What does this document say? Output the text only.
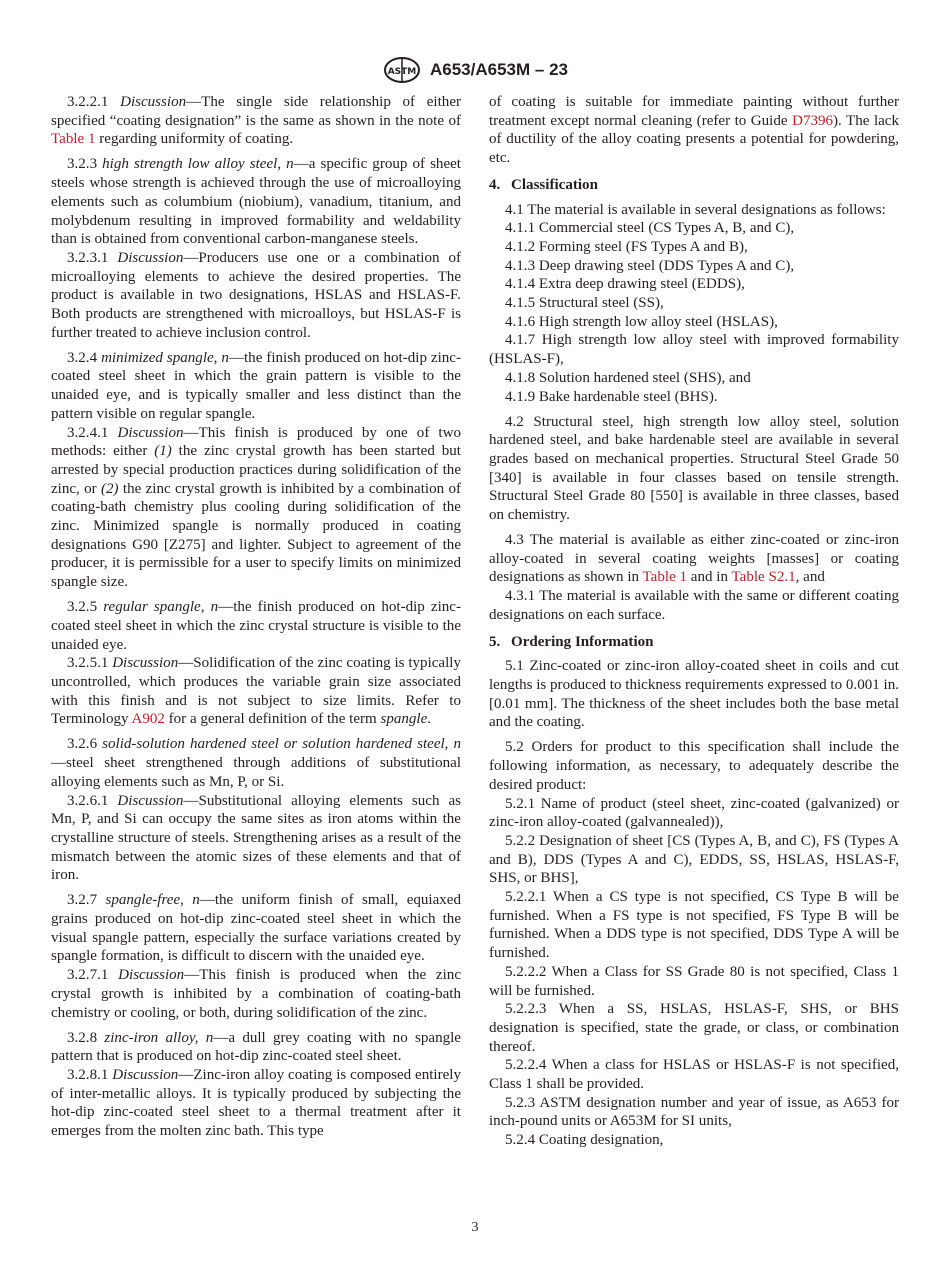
ASTM A653/A653M – 23

3.2.2.1 Discussion—The single side relationship of either specified “coating designation” is the same as shown in the note of Table 1 regarding uniformity of coating.

3.2.3 high strength low alloy steel, n—a specific group of sheet steels whose strength is achieved through the use of microalloying elements such as columbium (niobium), vanadium, titanium, and molybdenum resulting in improved formability and weldability than is obtained from conventional carbon-manganese steels.

3.2.3.1 Discussion—Producers use one or a combination of microalloying elements to achieve the desired properties. The product is available in two designations, HSLAS and HSLAS-F. Both products are strengthened with microalloys, but HSLAS-F is further treated to achieve inclusion control.

3.2.4 minimized spangle, n—the finish produced on hot-dip zinc-coated steel sheet in which the grain pattern is visible to the unaided eye, and is typically smaller and less distinct than the pattern visible on regular spangle.

3.2.4.1 Discussion—This finish is produced by one of two methods: either (1) the zinc crystal growth has been started but arrested by special production practices during solidification of the zinc, or (2) the zinc crystal growth is inhibited by a combination of coating-bath chemistry plus cooling during solidification of the zinc. Minimized spangle is normally produced in coating designations G90 [Z275] and lighter. Subject to agreement of the producer, it is permissible for a user to specify limits on minimized spangle size.

3.2.5 regular spangle, n—the finish produced on hot-dip zinc-coated steel sheet in which the zinc crystal structure is visible to the unaided eye.

3.2.5.1 Discussion—Solidification of the zinc coating is typically uncontrolled, which produces the variable grain size associated with this finish and is not subject to size limits. Refer to Terminology A902 for a general definition of the term spangle.

3.2.6 solid-solution hardened steel or solution hardened steel, n—steel sheet strengthened through additions of substitutional alloying elements such as Mn, P, or Si.

3.2.6.1 Discussion—Substitutional alloying elements such as Mn, P, and Si can occupy the same sites as iron atoms within the crystalline structure of steels. Strengthening arises as a result of the mismatch between the atomic sizes of these elements and that of iron.

3.2.7 spangle-free, n—the uniform finish of small, equiaxed grains produced on hot-dip zinc-coated steel sheet in which the visual spangle pattern, especially the surface variations created by spangle formation, is difficult to discern with the unaided eye.

3.2.7.1 Discussion—This finish is produced when the zinc crystal growth is inhibited by a combination of coating-bath chemistry or cooling, or both, during solidification of the zinc.

3.2.8 zinc-iron alloy, n—a dull grey coating with no spangle pattern that is produced on hot-dip zinc-coated steel sheet.

3.2.8.1 Discussion—Zinc-iron alloy coating is composed entirely of inter-metallic alloys. It is typically produced by subjecting the hot-dip zinc-coated steel sheet to a thermal treatment after it emerges from the molten zinc bath. This type

of coating is suitable for immediate painting without further treatment except normal cleaning (refer to Guide D7396). The lack of ductility of the alloy coating presents a potential for powdering, etc.

4. Classification

4.1 The material is available in several designations as follows:

4.1.1 Commercial steel (CS Types A, B, and C),

4.1.2 Forming steel (FS Types A and B),

4.1.3 Deep drawing steel (DDS Types A and C),

4.1.4 Extra deep drawing steel (EDDS),

4.1.5 Structural steel (SS),

4.1.6 High strength low alloy steel (HSLAS),

4.1.7 High strength low alloy steel with improved formability (HSLAS-F),

4.1.8 Solution hardened steel (SHS), and

4.1.9 Bake hardenable steel (BHS).

4.2 Structural steel, high strength low alloy steel, solution hardened steel, and bake hardenable steel are available in several grades based on mechanical properties. Structural Steel Grade 50 [340] is available in four classes based on tensile strength. Structural Steel Grade 80 [550] is available in three classes, based on chemistry.

4.3 The material is available as either zinc-coated or zinc-iron alloy-coated in several coating weights [masses] or coating designations as shown in Table 1 and in Table S2.1, and

4.3.1 The material is available with the same or different coating designations on each surface.

5. Ordering Information

5.1 Zinc-coated or zinc-iron alloy-coated sheet in coils and cut lengths is produced to thickness requirements expressed to 0.001 in. [0.01 mm]. The thickness of the sheet includes both the base metal and the coating.

5.2 Orders for product to this specification shall include the following information, as necessary, to adequately describe the desired product:

5.2.1 Name of product (steel sheet, zinc-coated (galvanized) or zinc-iron alloy-coated (galvannealed)),

5.2.2 Designation of sheet [CS (Types A, B, and C), FS (Types A and B), DDS (Types A and C), EDDS, SS, HSLAS, HSLAS-F, SHS, or BHS],

5.2.2.1 When a CS type is not specified, CS Type B will be furnished. When a FS type is not specified, FS Type B will be furnished. When a DDS type is not specified, DDS Type A will be furnished.

5.2.2.2 When a Class for SS Grade 80 is not specified, Class 1 will be furnished.

5.2.2.3 When a SS, HSLAS, HSLAS-F, SHS, or BHS designation is specified, state the grade, or class, or combination thereof.

5.2.2.4 When a class for HSLAS or HSLAS-F is not specified, Class 1 shall be provided.

5.2.3 ASTM designation number and year of issue, as A653 for inch-pound units or A653M for SI units,

5.2.4 Coating designation,

3
